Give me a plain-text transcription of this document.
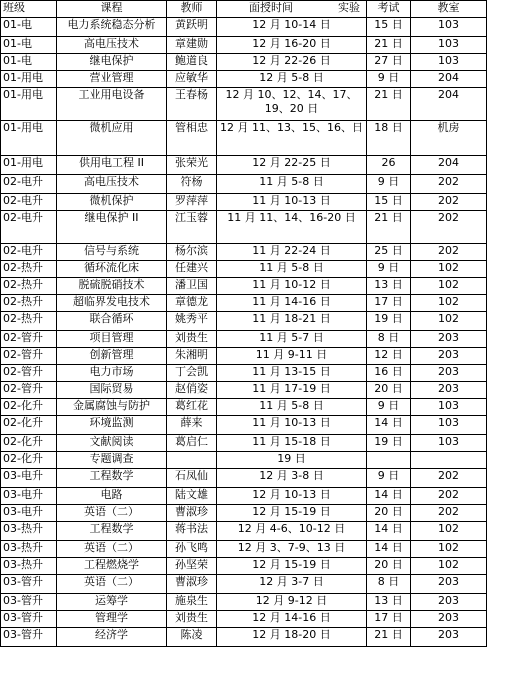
班级	课程	教师	面授时间 实验	考试	教室
01-电	电力系统稳态分析	黄跃明	12 月 10-14 日	15 日	103
01-电	高电压技术	章建勋	12 月 16-20 日	21 日	103
01-电	继电保护	鲍道良	12 月 22-26 日	27 日	103
01-用电	营业管理	应敏华	12 月 5-8 日	9 日	204
01-用电	工业用电设备	王春杨	12 月 10、12、14、17、19、20 日	21 日	204
01-用电	微机应用	管相忠	12 月 11、13、15、16、日	18 日	机房
01-用电	供用电工程 II	张荣光	12 月 22-25 日	26	204
02-电升	高电压技术	符杨	11 月 5-8 日	9 日	202
02-电升	微机保护	罗萍萍	11 月 10-13 日	15 日	202
02-电升	继电保护 II	江玉蓉	11 月 11、14、16-20 日	21 日	202
02-电升	信号与系统	杨尔滨	11 月 22-24 日	25 日	202
02-热升	循环流化床	任建兴	11 月 5-8 日	9 日	102
02-热升	脱硫脱硝技术	潘卫国	11 月 10-12 日	13 日	102
02-热升	超临界发电技术	章德龙	11 月 14-16 日	17 日	102
02-热升	联合循环	姚秀平	11 月 18-21 日	19 日	102
02-管升	项目管理	刘贵生	11 月 5-7 日	8 日	203
02-管升	创新管理	朱湘明	11 月 9-11 日	12 日	203
02-管升	电力市场	丁会凯	11 月 13-15 日	16 日	203
02-管升	国际贸易	赵俏姿	11 月 17-19 日	20 日	203
02-化升	金属腐蚀与防护	葛红花	11 月 5-8 日	9 日	103
02-化升	环境监测	薛来	11 月 10-13 日	14 日	103
02-化升	文献阅读	葛启仁	11 月 15-18 日	19 日	103
02-化升	专题调查		19 日		
03-电升	工程数学	石凤仙	12 月 3-8 日	9 日	202
03-电升	电路	陆文雄	12 月 10-13 日	14 日	202
03-电升	英语（二）	曹淑珍	12 月 15-19 日	20 日	202
03-热升	工程数学	蒋书法	12 月 4-6、10-12 日	14 日	102
03-热升	英语（二）	孙飞鸣	12 月 3、7-9、13 日	14 日	102
03-热升	工程燃烧学	孙坚荣	12 月 15-19 日	20 日	102
03-管升	英语（二）	曹淑珍	12 月 3-7 日	8 日	203
03-管升	运筹学	施泉生	12 月 9-12 日	13 日	203
03-管升	管理学	刘贵生	12 月 14-16 日	17 日	203
03-管升	经济学	陈凌	12 月 18-20 日	21 日	203
